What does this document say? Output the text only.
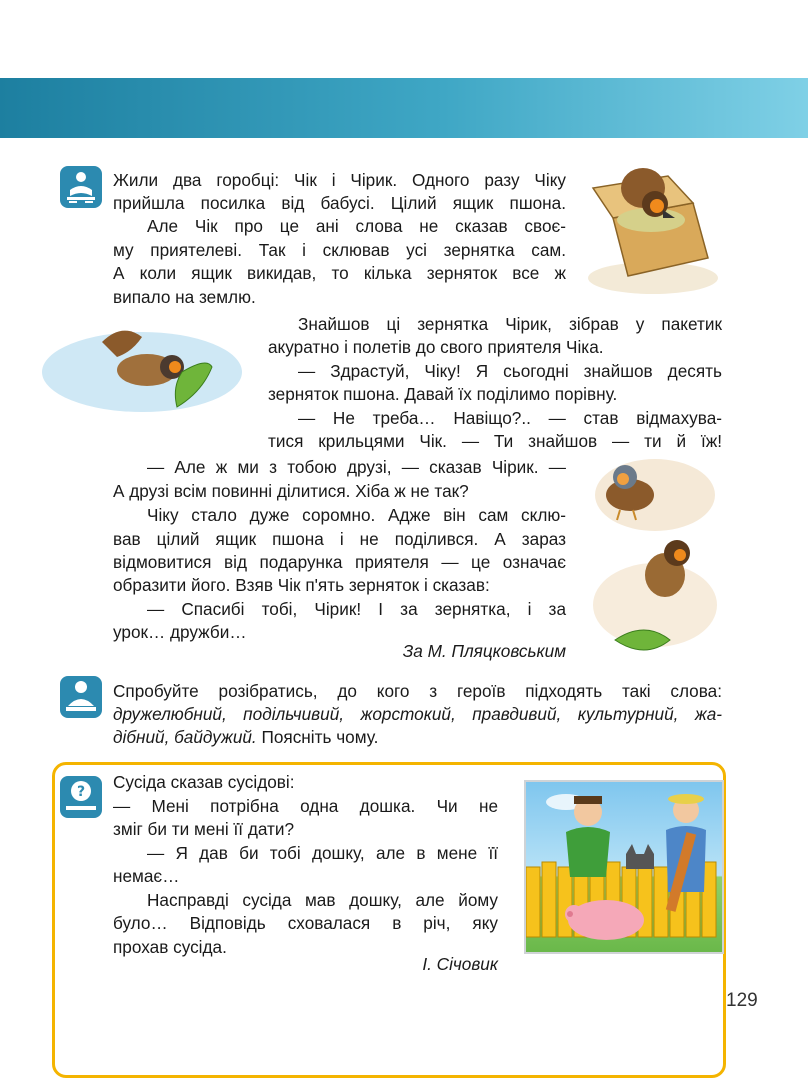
Жили два горобці: Чік і Чірик. Одного разу Чіку
прийшла посилка від бабусі. Цілий ящик пшона.
Але Чік про це ані слова не сказав своє-
му приятелеві. Так і склював усі зернятка сам.
А коли ящик викидав, то кілька зерняток все ж
випало на землю.
Знайшов ці зернятка Чірик, зібрав у пакетик
акуратно і полетів до свого приятеля Чіка.
— Здрастуй, Чіку! Я сьогодні знайшов десять
зерняток пшона. Давай їх поділимо порівну.
— Не треба… Навіщо?.. — став відмахува-
тися крильцями Чік. — Ти знайшов — ти й їж!
— Але ж ми з тобою друзі, — сказав Чірик. —
А друзі всім повинні ділитися. Хіба ж не так?
Чіку стало дуже соромно. Адже він сам склю-
вав цілий ящик пшона і не поділився. А зараз
відмовитися від подарунка приятеля — це означає
образити його. Взяв Чік п'ять зерняток і сказав:
— Спасибі тобі, Чірик! І за зернятка, і за
урок… дружби…
За М. Пляцковським
Спробуйте розібратись, до кого з героїв підходять такі слова:
дружелюбний, подільчивий, жорстокий, правдивий, культурний, жа-
дібний, байдужий. Поясніть чому.
? Сусіда сказав сусідові:
— Мені потрібна одна дошка. Чи не
зміг би ти мені її дати?
— Я дав би тобі дошку, але в мене її
немає…
Насправді сусіда мав дошку, але йому
було… Відповідь сховалася в річ, яку
прохав сусіда.
І. Січовик
129
